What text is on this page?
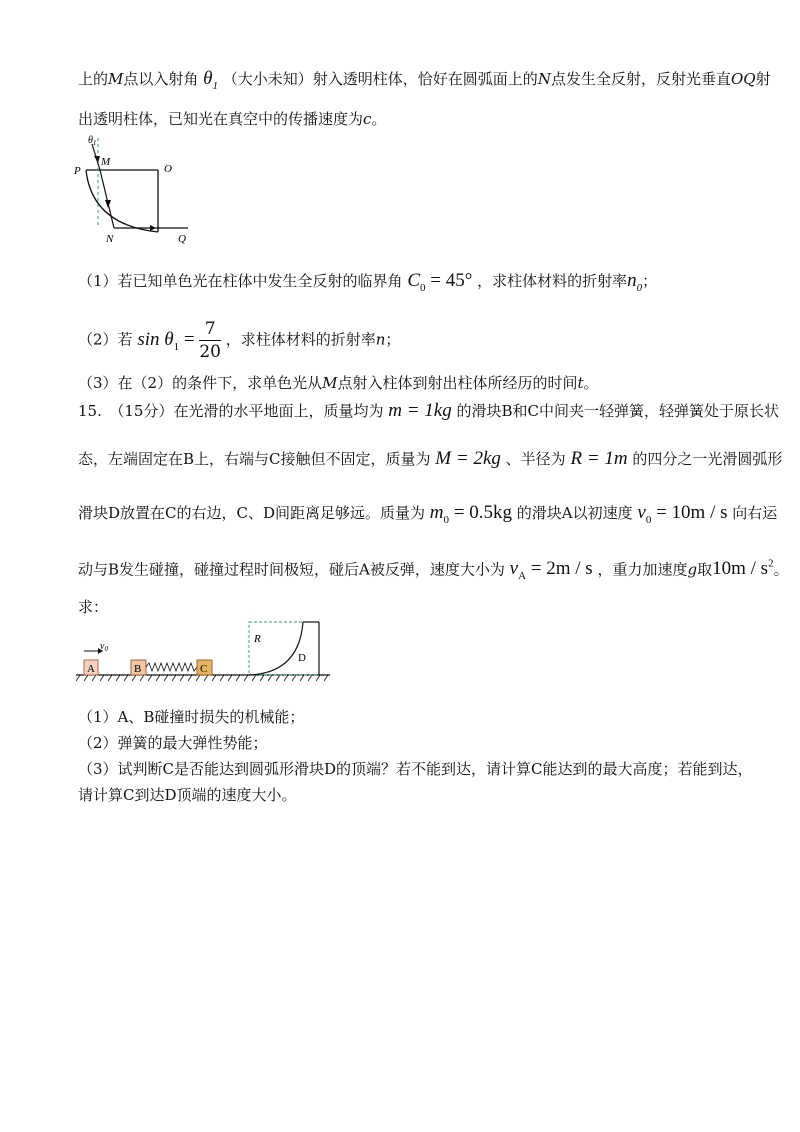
上的M点以入射角 $\theta_1$ （大小未知）射入透明柱体，恰好在圆弧面上的N点发生全反射，反射光垂直OQ射
出透明柱体，已知光在真空中的传播速度为c。
$\theta_1$
P
M
O
N	Q
（1）若已知单色光在柱体中发生全反射的临界角 $C_0 = 45^\circ$ ，求柱体材料的折射率$n_0$；
（2）若 $\sin \theta_1 = \frac{7}{20}$ ，求柱体材料的折射率n；
（3）在（2）的条件下，求单色光从M点射入柱体到射出柱体所经历的时间t。
15.　（15分）在光滑的水平地面上，质量均为 m = 1kg 的滑块B和C中间夹一轻弹簧，轻弹簧处于原长状
态，左端固定在B上，右端与C接触但不固定，质量为 M = 2kg 、半径为 R = 1m 的四分之一光滑圆弧形
滑块D放置在C的右边，C、D间距离足够远。质量为 $m_0 = 0.5kg$ 的滑块A以初速度 $v_0 = 10m / s$ 向右运
动与B发生碰撞，碰撞过程时间极短，碰后A被反弹，速度大小为 $v_A = 2m / s$ ，重力加速度g取$10m / s^2$。
求：
$v_0$
A	B	C
R
D
（1）A、B碰撞时损失的机械能；
（2）弹簧的最大弹性势能；
（3）试判断C是否能达到圆弧形滑块D的顶端？若不能到达，请计算C能达到的最大高度；若能到达，
请计算C到达D顶端的速度大小。
